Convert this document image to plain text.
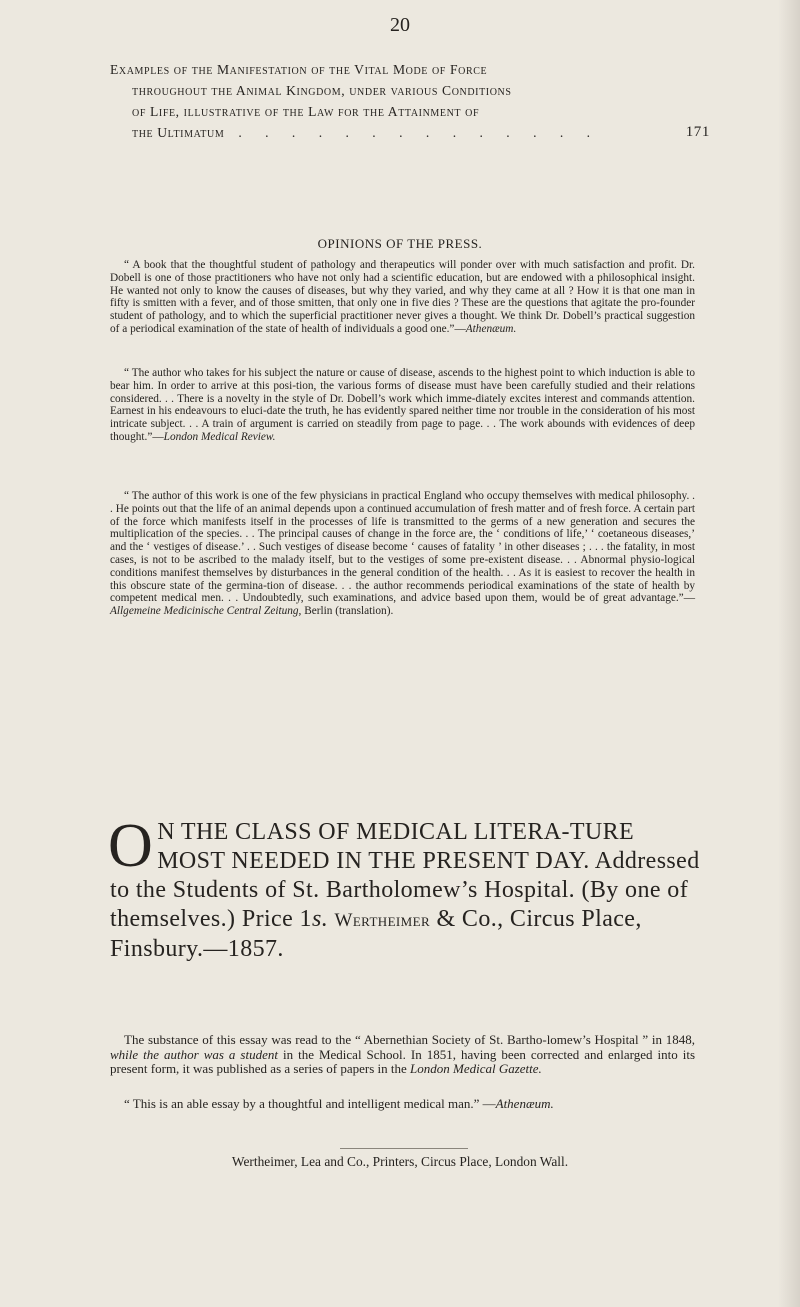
20
Examples of the Manifestation of the Vital Mode of Force
throughout the Animal Kingdom, under various Conditions
of Life, illustrative of the Law for the Attainment of
the Ultimatum	. . . . . . . . . . . . . .	171
OPINIONS OF THE PRESS.

“ A book that the thoughtful student of pathology and therapeutics will ponder over with much satisfaction and profit. Dr. Dobell is one of those practitioners who have not only had a scientific education, but are endowed with a philosophical insight. He wanted not only to know the causes of diseases, but why they varied, and why they came at all ? How it is that one man in fifty is smitten with a fever, and of those smitten, that only one in five dies ? These are the questions that agitate the pro-founder student of pathology, and to which the superficial practitioner never gives a thought. We think Dr. Dobell’s practical suggestion of a periodical examination of the state of health of individuals a good one.”—Athenæum.

“ The author who takes for his subject the nature or cause of disease, ascends to the highest point to which induction is able to bear him. In order to arrive at this posi-tion, the various forms of disease must have been carefully studied and their relations considered. . . There is a novelty in the style of Dr. Dobell’s work which imme-diately excites interest and commands attention. Earnest in his endeavours to eluci-date the truth, he has evidently spared neither time nor trouble in the consideration of his most intricate subject. . . A train of argument is carried on steadily from page to page. . . The work abounds with evidences of deep thought.”—London Medical Review.

“ The author of this work is one of the few physicians in practical England who occupy themselves with medical philosophy. . . He points out that the life of an animal depends upon a continued accumulation of fresh matter and of fresh force. A certain part of the force which manifests itself in the processes of life is transmitted to the germs of a new generation and secures the multiplication of the species. . . The principal causes of change in the force are, the ‘ conditions of life,’ ‘ coetaneous diseases,’ and the ‘ vestiges of disease.’ . . Such vestiges of disease become ‘ causes of fatality ’ in other diseases ; . . . the fatality, in most cases, is not to be ascribed to the malady itself, but to the vestiges of some pre-existent disease. . . Abnormal physio-logical conditions manifest themselves by disturbances in the general condition of the health. . . As it is easiest to recover the health in this obscure state of the germina-tion of disease. . . the author recommends periodical examinations of the state of health by competent medical men. . . Undoubtedly, such examinations, and advice based upon them, would be of great advantage.”—Allgemeine Medicinische Central Zeitung, Berlin (translation).

O N THE CLASS OF MEDICAL LITERA-TURE MOST NEEDED IN THE PRESENT DAY. Addressed to the Students of St. Bartholomew’s Hospital. (By one of themselves.) Price 1s. Wertheimer & Co., Circus Place, Finsbury.—1857.
The substance of this essay was read to the “ Abernethian Society of St. Bartho-lomew’s Hospital ” in 1848, while the author was a student in the Medical School. In 1851, having been corrected and enlarged into its present form, it was published as a series of papers in the London Medical Gazette.
“ This is an able essay by a thoughtful and intelligent medical man.” —Athenæum.
Wertheimer, Lea and Co., Printers, Circus Place, London Wall.
